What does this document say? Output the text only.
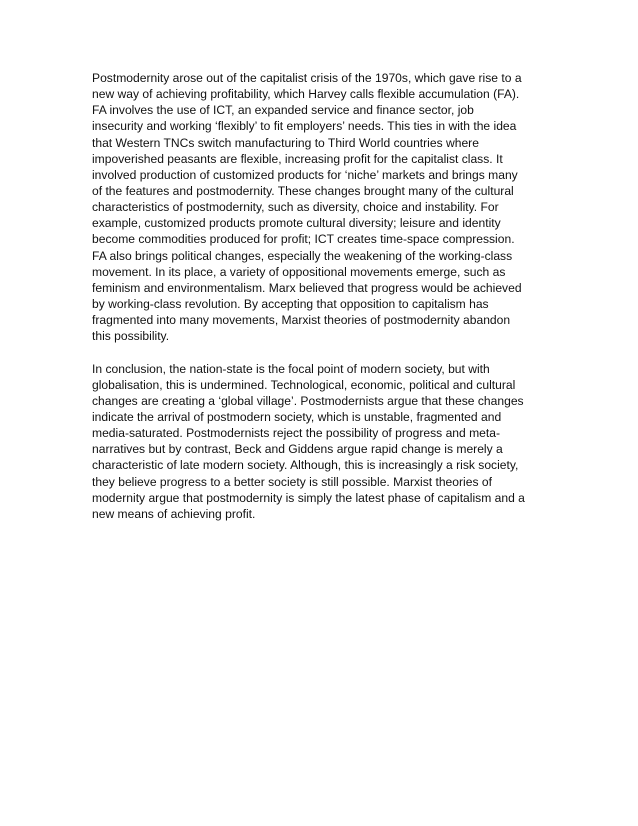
Postmodernity arose out of the capitalist crisis of the 1970s, which gave rise to a
new way of achieving profitability, which Harvey calls flexible accumulation (FA).
FA involves the use of ICT, an expanded service and finance sector, job
insecurity and working ‘flexibly’ to fit employers’ needs. This ties in with the idea
that Western TNCs switch manufacturing to Third World countries where
impoverished peasants are flexible, increasing profit for the capitalist class. It
involved production of customized products for ‘niche’ markets and brings many
of the features and postmodernity. These changes brought many of the cultural
characteristics of postmodernity, such as diversity, choice and instability. For
example, customized products promote cultural diversity; leisure and identity
become commodities produced for profit; ICT creates time-space compression.
FA also brings political changes, especially the weakening of the working-class
movement. In its place, a variety of oppositional movements emerge, such as
feminism and environmentalism. Marx believed that progress would be achieved
by working-class revolution. By accepting that opposition to capitalism has
fragmented into many movements, Marxist theories of postmodernity abandon
this possibility.
In conclusion, the nation-state is the focal point of modern society, but with
globalisation, this is undermined. Technological, economic, political and cultural
changes are creating a ‘global village’. Postmodernists argue that these changes
indicate the arrival of postmodern society, which is unstable, fragmented and
media-saturated. Postmodernists reject the possibility of progress and meta-
narratives but by contrast, Beck and Giddens argue rapid change is merely a
characteristic of late modern society. Although, this is increasingly a risk society,
they believe progress to a better society is still possible. Marxist theories of
modernity argue that postmodernity is simply the latest phase of capitalism and a
new means of achieving profit.
